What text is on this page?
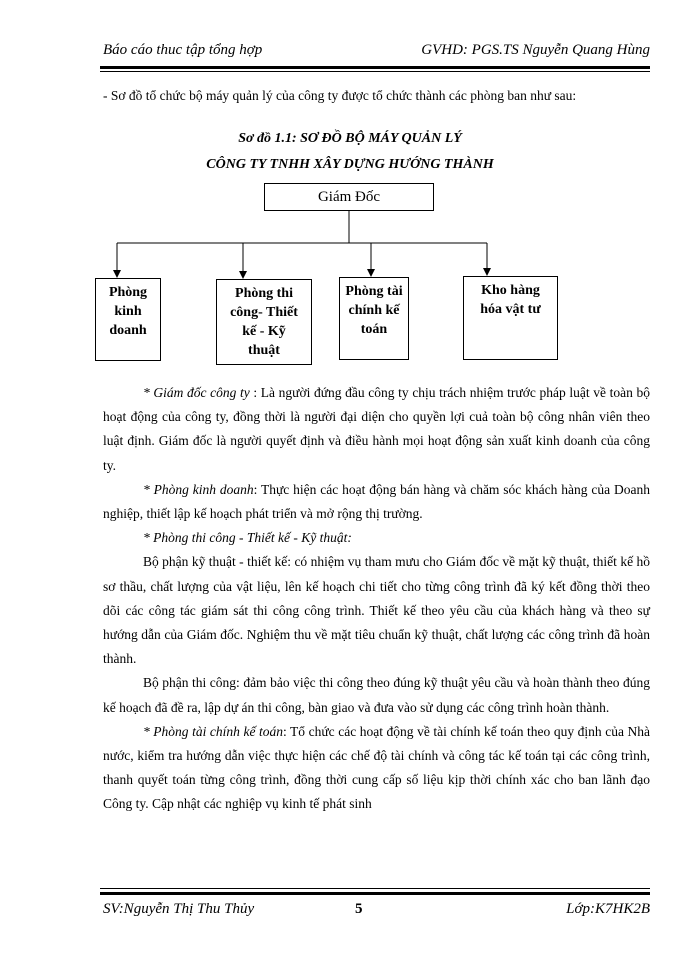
Báo cáo thuc tập tổng hợp	GVHD: PGS.TS Nguyễn Quang Hùng
- Sơ đồ tổ chức bộ máy quản lý của công ty được tổ chức thành các phòng ban như sau:
Sơ đồ 1.1: SƠ ĐỒ BỘ MÁY QUẢN LÝ
CÔNG TY TNHH XÂY DỰNG HƯỚNG THÀNH
Giám Đốc
Phòng
kinh
doanh
Phòng thi
công- Thiết
kế - Kỹ
thuật
Phòng tài
chính kế
toán
Kho hàng
hóa vật tư

* Giám đốc công ty : Là người đứng đầu công ty chịu trách nhiệm trước pháp luật về toàn bộ hoạt động của công ty, đồng thời là người đại diện cho quyền lợi cuả toàn bộ công nhân viên theo luật định. Giám đốc là người quyết định và điều hành mọi hoạt động sản xuất kinh doanh của công ty.

* Phòng kinh doanh: Thực hiện các hoạt động bán hàng và chăm sóc khách hàng của Doanh nghiệp, thiết lập kế hoạch phát triển và mở rộng thị trường.

* Phòng thi công - Thiết kế - Kỹ thuật:

Bộ phận kỹ thuật - thiết kế: có nhiệm vụ tham mưu cho Giám đốc về mặt kỹ thuật, thiết kế hồ sơ thầu, chất lượng của vật liệu, lên kế hoạch chi tiết cho từng công trình đã ký kết đồng thời theo dõi các công tác giám sát thi công công trình. Thiết kế theo yêu cầu của khách hàng và theo sự hướng dẫn của Giám đốc. Nghiệm thu về mặt tiêu chuẩn kỹ thuật, chất lượng các công trình đã hoàn thành.

Bộ phận thi công: đảm bảo việc thi công theo đúng kỹ thuật yêu cầu và hoàn thành theo đúng kế hoạch đã đề ra, lập dự án thi công, bàn giao và đưa vào sử dụng các công trình hoàn thành.

* Phòng tài chính kế toán: Tổ chức các hoạt động về tài chính kế toán theo quy định của Nhà nước, kiểm tra hướng dẫn việc thực hiện các chế độ tài chính và công tác kế toán tại các công trình, thanh quyết toán từng công trình, đồng thời cung cấp số liệu kịp thời chính xác cho ban lãnh đạo Công ty. Cập nhật các nghiệp vụ kinh tế phát sinh

SV:Nguyễn Thị Thu Thủy	5	Lớp:K7HK2B
